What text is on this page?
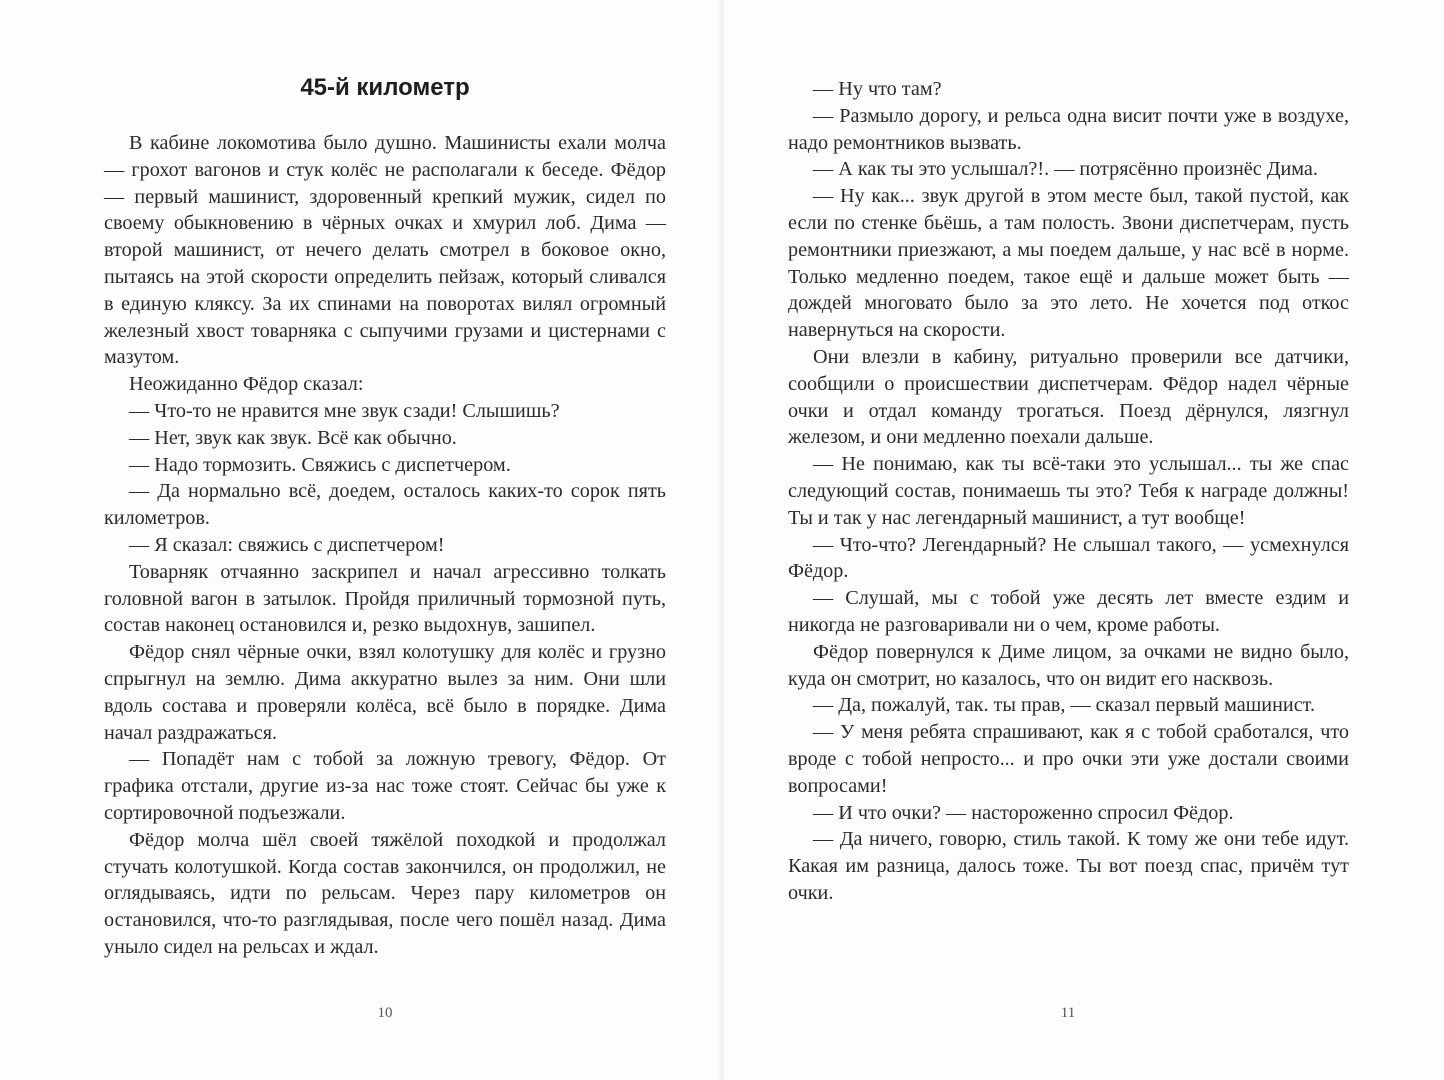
45-й километр

В кабине локомотива было душно. Машинисты ехали молча — грохот вагонов и стук колёс не располагали к беседе. Фёдор — первый машинист, здоровенный крепкий мужик, сидел по своему обыкновению в чёрных очках и хмурил лоб. Дима — второй машинист, от нечего делать смотрел в боковое окно, пытаясь на этой скорости определить пейзаж, который сливался в единую кляксу. За их спинами на поворотах вилял огромный железный хвост товарняка с сыпучими грузами и цистернами с мазутом.

Неожиданно Фёдор сказал:

— Что-то не нравится мне звук сзади! Слышишь?

— Нет, звук как звук. Всё как обычно.

— Надо тормозить. Свяжись с диспетчером.

— Да нормально всё, доедем, осталось каких-то сорок пять километров.

— Я сказал: свяжись с диспетчером!

Товарняк отчаянно заскрипел и начал агрессивно толкать головной вагон в затылок. Пройдя приличный тормозной путь, состав наконец остановился и, резко выдохнув, зашипел.

Фёдор снял чёрные очки, взял колотушку для колёс и грузно спрыгнул на землю. Дима аккуратно вылез за ним. Они шли вдоль состава и проверяли колёса, всё было в порядке. Дима начал раздражаться.

— Попадёт нам с тобой за ложную тревогу, Фёдор. От графика отстали, другие из-за нас тоже стоят. Сейчас бы уже к сортировочной подъезжали.

Фёдор молча шёл своей тяжёлой походкой и продолжал стучать колотушкой. Когда состав закончился, он продолжил, не оглядываясь, идти по рельсам. Через пару километров он остановился, что-то разглядывая, после чего пошёл назад. Дима уныло сидел на рельсах и ждал.

10

— Ну что там?

— Размыло дорогу, и рельса одна висит почти уже в воздухе, надо ремонтников вызвать.

— А как ты это услышал?!. — потрясённо произнёс Дима.

— Ну как... звук другой в этом месте был, такой пустой, как если по стенке бьёшь, а там полость. Звони диспетчерам, пусть ремонтники приезжают, а мы поедем дальше, у нас всё в норме. Только медленно поедем, такое ещё и дальше может быть — дождей многовато было за это лето. Не хочется под откос навернуться на скорости.

Они влезли в кабину, ритуально проверили все датчики, сообщили о происшествии диспетчерам. Фёдор надел чёрные очки и отдал команду трогаться. Поезд дёрнулся, лязгнул железом, и они медленно поехали дальше.

— Не понимаю, как ты всё-таки это услышал... ты же спас следующий состав, понимаешь ты это? Тебя к награде должны! Ты и так у нас легендарный машинист, а тут вообще!

— Что-что? Легендарный? Не слышал такого, — усмехнулся Фёдор.

— Слушай, мы с тобой уже десять лет вместе ездим и никогда не разговаривали ни о чем, кроме работы.

Фёдор повернулся к Диме лицом, за очками не видно было, куда он смотрит, но казалось, что он видит его насквозь.

— Да, пожалуй, так. ты прав, — сказал первый машинист.

— У меня ребята спрашивают, как я с тобой сработался, что вроде с тобой непросто... и про очки эти уже достали своими вопросами!

— И что очки? — настороженно спросил Фёдор.

— Да ничего, говорю, стиль такой. К тому же они тебе идут. Какая им разница, далось тоже. Ты вот поезд спас, причём тут очки.

11
